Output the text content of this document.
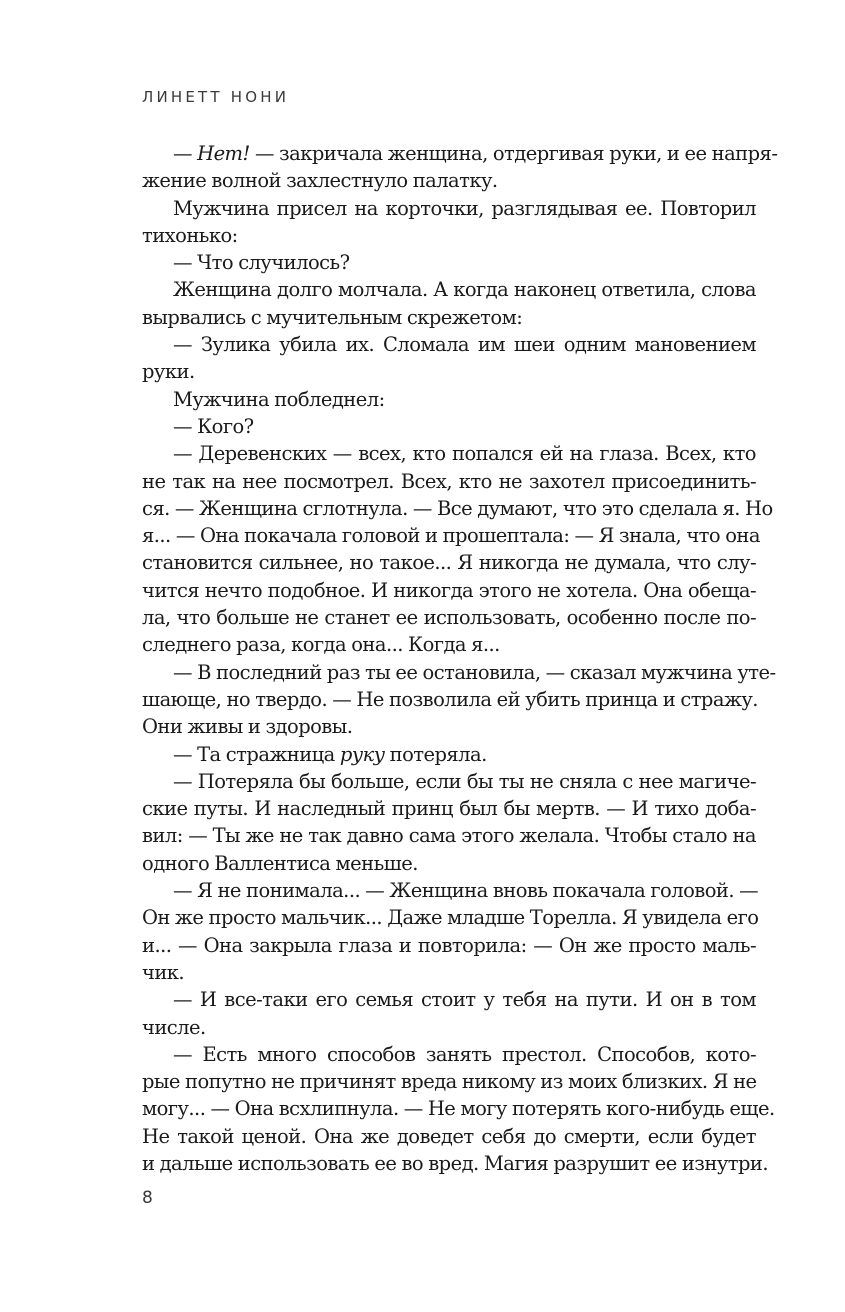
ЛИНЕТТ НОНИ
— Нет! — закричала женщина, отдергивая руки, и ее напря-
жение волной захлестнуло палатку.
Мужчина присел на корточки, разглядывая ее. Повторил
тихонько:
— Что случилось?
Женщина долго молчала. А когда наконец ответила, слова
вырвались с мучительным скрежетом:
— Зулика убила их. Сломала им шеи одним мановением
руки.
Мужчина побледнел:
— Кого?
— Деревенских — всех, кто попался ей на глаза. Всех, кто
не так на нее посмотрел. Всех, кто не захотел присоединить-
ся. — Женщина сглотнула. — Все думают, что это сделала я. Но
я... — Она покачала головой и прошептала: — Я знала, что она
становится сильнее, но такое... Я никогда не думала, что слу-
чится нечто подобное. И никогда этого не хотела. Она обеща-
ла, что больше не станет ее использовать, особенно после по-
следнего раза, когда она... Когда я...
— В последний раз ты ее остановила, — сказал мужчина уте-
шающе, но твердо. — Не позволила ей убить принца и стражу.
Они живы и здоровы.
— Та стражница руку потеряла.
— Потеряла бы больше, если бы ты не сняла с нее магиче-
ские путы. И наследный принц был бы мертв. — И тихо доба-
вил: — Ты же не так давно сама этого желала. Чтобы стало на
одного Валлентиса меньше.
— Я не понимала... — Женщина вновь покачала головой. —
Он же просто мальчик... Даже младше Торелла. Я увидела его
и... — Она закрыла глаза и повторила: — Он же просто маль-
чик.
— И все-таки его семья стоит у тебя на пути. И он в том
числе.
— Есть много способов занять престол. Способов, кото-
рые попутно не причинят вреда никому из моих близких. Я не
могу... — Она всхлипнула. — Не могу потерять кого-нибудь еще.
Не такой ценой. Она же доведет себя до смерти, если будет
и дальше использовать ее во вред. Магия разрушит ее изнутри.
8
